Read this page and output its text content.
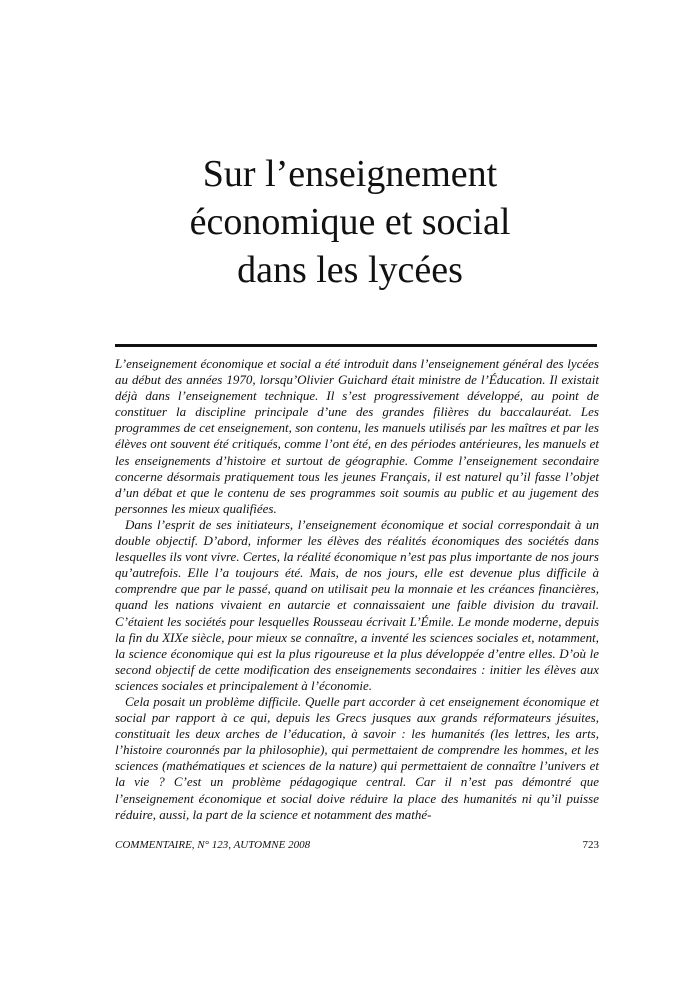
Sur l’enseignement
économique et social
dans les lycées

L’enseignement économique et social a été introduit dans l’enseignement général des lycées au début des années 1970, lorsqu’Olivier Guichard était ministre de l’Éducation. Il existait déjà dans l’enseignement technique. Il s’est progressivement développé, au point de constituer la discipline principale d’une des grandes filières du baccalauréat. Les programmes de cet enseignement, son contenu, les manuels utilisés par les maîtres et par les élèves ont souvent été critiqués, comme l’ont été, en des périodes antérieures, les manuels et les enseignements d’histoire et surtout de géographie. Comme l’enseignement secondaire concerne désormais pratiquement tous les jeunes Français, il est naturel qu’il fasse l’objet d’un débat et que le contenu de ses programmes soit soumis au public et au jugement des personnes les mieux qualifiées.

Dans l’esprit de ses initiateurs, l’enseignement économique et social correspondait à un double objectif. D’abord, informer les élèves des réalités économiques des sociétés dans lesquelles ils vont vivre. Certes, la réalité économique n’est pas plus importante de nos jours qu’autrefois. Elle l’a toujours été. Mais, de nos jours, elle est devenue plus difficile à comprendre que par le passé, quand on utilisait peu la monnaie et les créances financières, quand les nations vivaient en autarcie et connaissaient une faible division du travail. C’étaient les sociétés pour lesquelles Rousseau écrivait L’Émile. Le monde moderne, depuis la fin du XIXe siècle, pour mieux se connaître, a inventé les sciences sociales et, notamment, la science économique qui est la plus rigoureuse et la plus développée d’entre elles. D’où le second objectif de cette modification des enseignements secondaires : initier les élèves aux sciences sociales et principalement à l’économie.

Cela posait un problème difficile. Quelle part accorder à cet enseignement économique et social par rapport à ce qui, depuis les Grecs jusques aux grands réformateurs jésuites, constituait les deux arches de l’éducation, à savoir : les humanités (les lettres, les arts, l’histoire couronnés par la philosophie), qui permettaient de comprendre les hommes, et les sciences (mathématiques et sciences de la nature) qui permettaient de connaître l’univers et la vie ? C’est un problème pédagogique central. Car il n’est pas démontré que l’enseignement économique et social doive réduire la place des humanités ni qu’il puisse réduire, aussi, la part de la science et notamment des mathé-

COMMENTAIRE, N° 123, AUTOMNE 2008	723
